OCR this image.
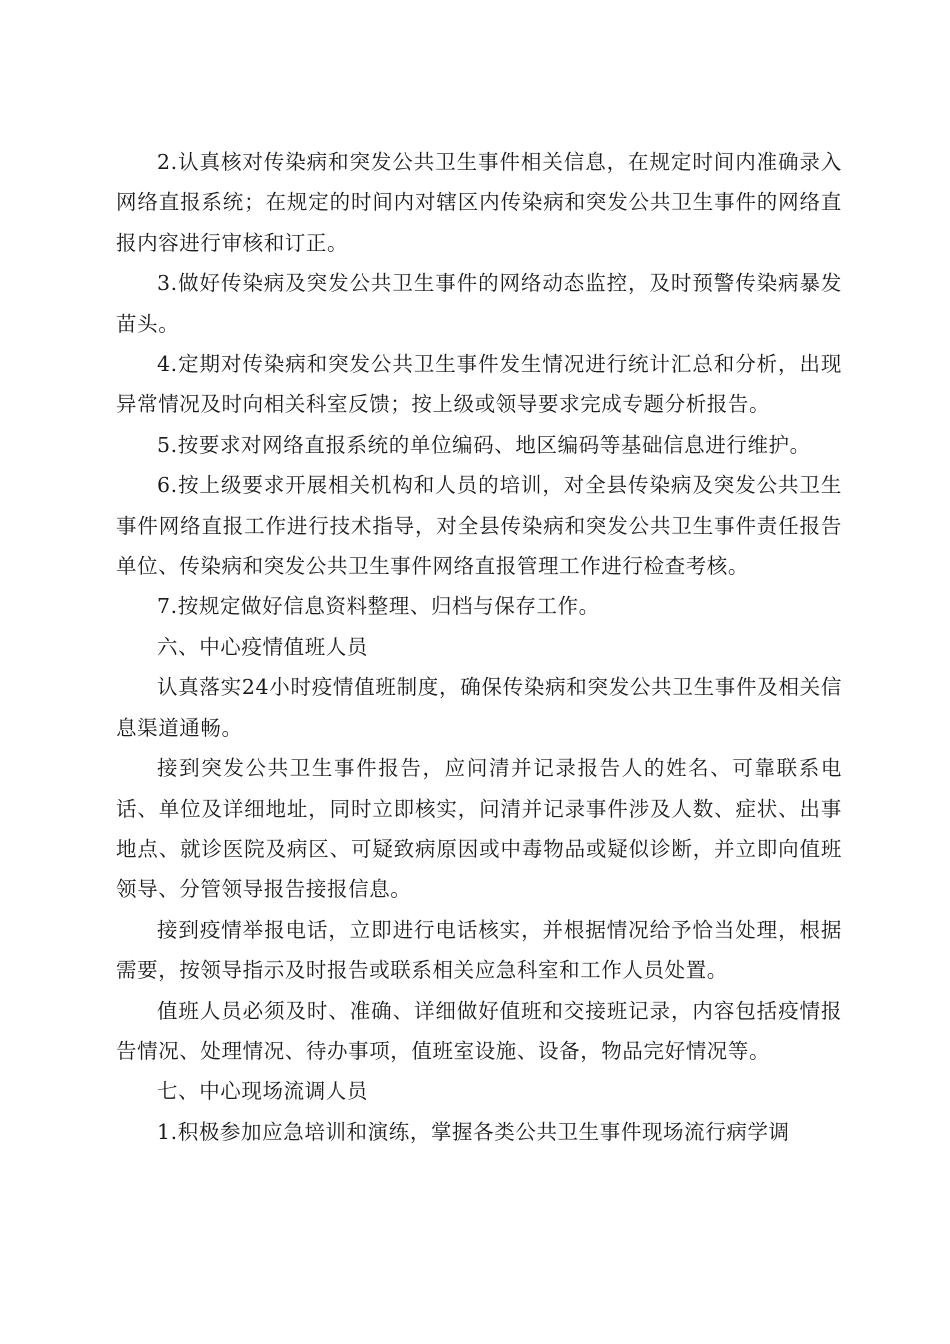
2.认真核对传染病和突发公共卫生事件相关信息，在规定时间内准确录入网络直报系统；在规定的时间内对辖区内传染病和突发公共卫生事件的网络直报内容进行审核和订正。

3.做好传染病及突发公共卫生事件的网络动态监控，及时预警传染病暴发苗头。

4.定期对传染病和突发公共卫生事件发生情况进行统计汇总和分析，出现异常情况及时向相关科室反馈；按上级或领导要求完成专题分析报告。

5.按要求对网络直报系统的单位编码、地区编码等基础信息进行维护。

6.按上级要求开展相关机构和人员的培训，对全县传染病及突发公共卫生事件网络直报工作进行技术指导，对全县传染病和突发公共卫生事件责任报告单位、传染病和突发公共卫生事件网络直报管理工作进行检查考核。

7.按规定做好信息资料整理、归档与保存工作。

六、中心疫情值班人员

认真落实24小时疫情值班制度，确保传染病和突发公共卫生事件及相关信息渠道通畅。

接到突发公共卫生事件报告，应问清并记录报告人的姓名、可靠联系电话、单位及详细地址，同时立即核实，问清并记录事件涉及人数、症状、出事地点、就诊医院及病区、可疑致病原因或中毒物品或疑似诊断，并立即向值班领导、分管领导报告接报信息。

接到疫情举报电话，立即进行电话核实，并根据情况给予恰当处理，根据需要，按领导指示及时报告或联系相关应急科室和工作人员处置。

值班人员必须及时、准确、详细做好值班和交接班记录，内容包括疫情报告情况、处理情况、待办事项，值班室设施、设备，物品完好情况等。

七、中心现场流调人员

1.积极参加应急培训和演练，掌握各类公共卫生事件现场流行病学调
